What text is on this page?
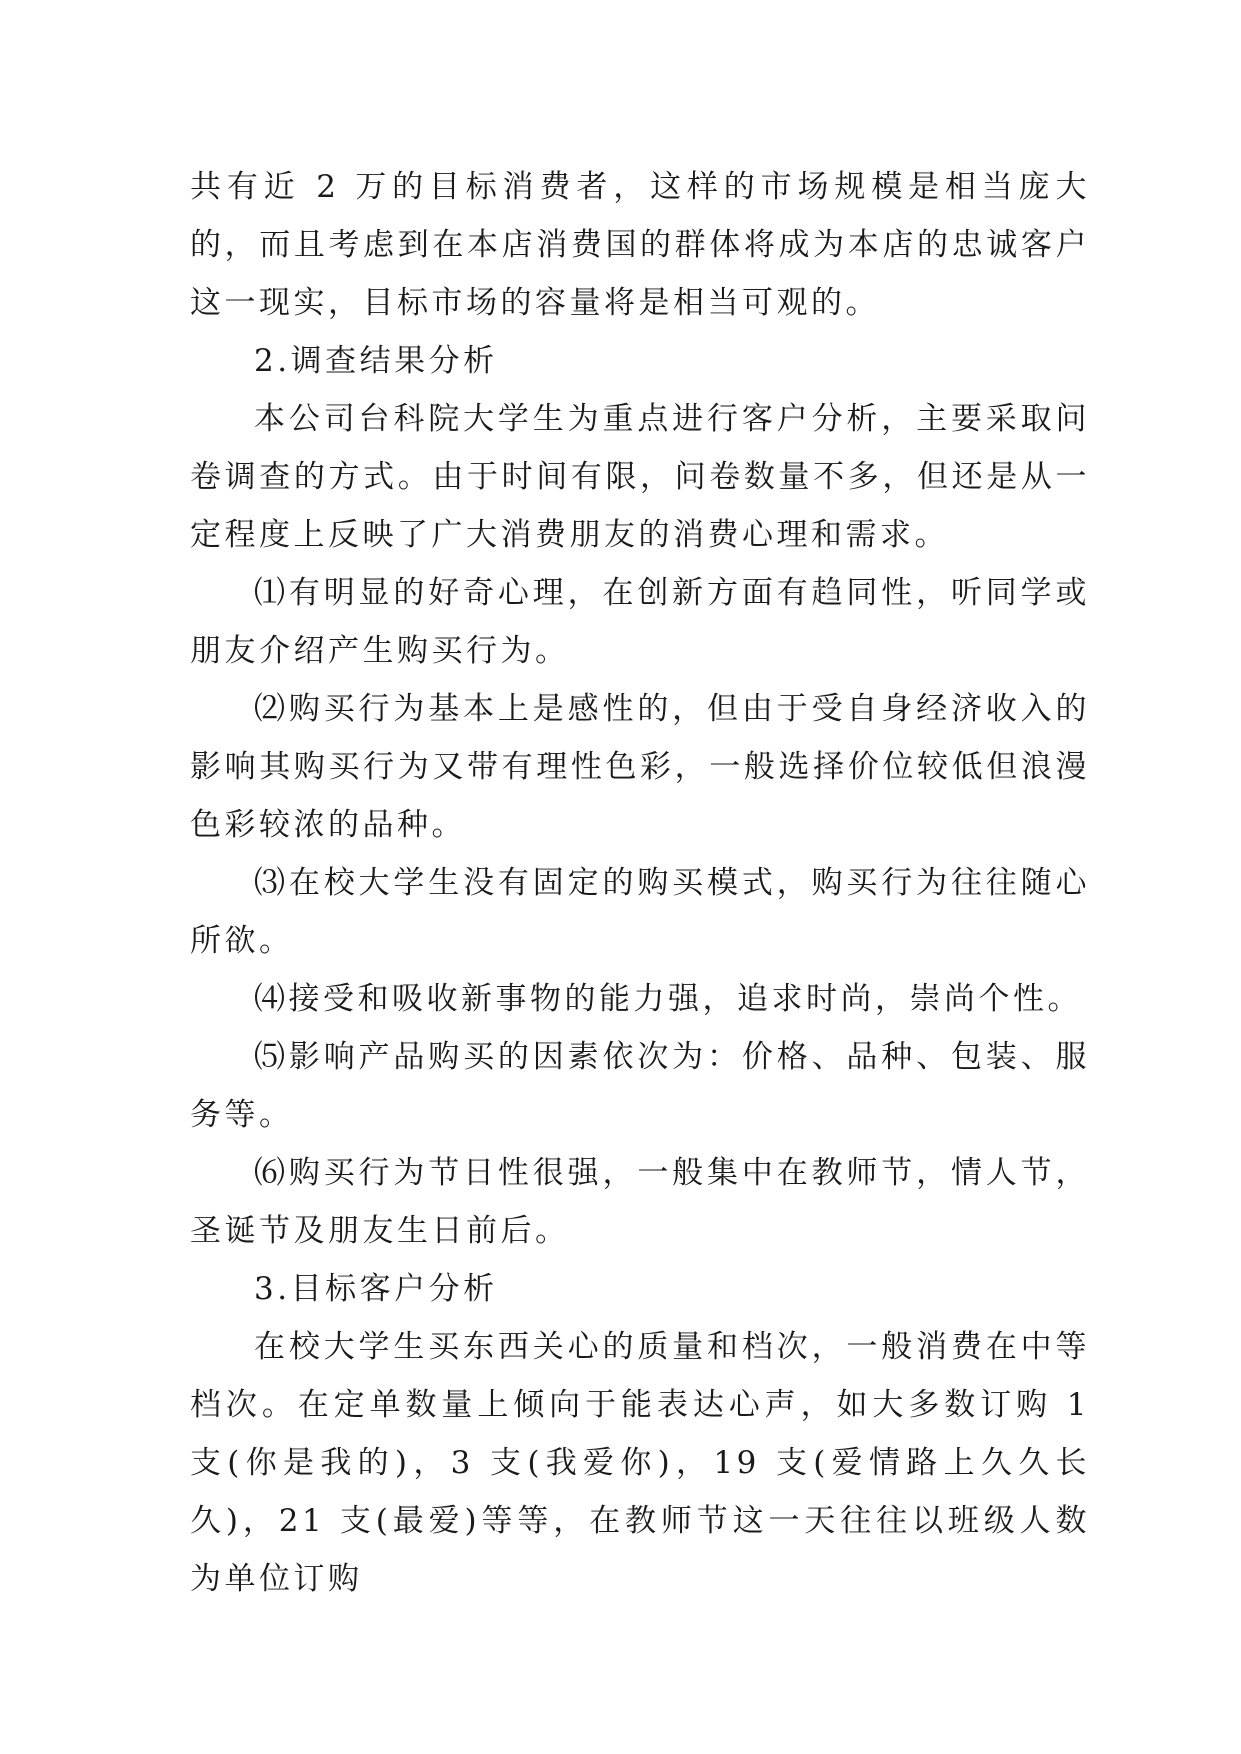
共有近 2 万的目标消费者，这样的市场规模是相当庞大的，而且考虑到在本店消费国的群体将成为本店的忠诚客户这一现实，目标市场的容量将是相当可观的。

2.调查结果分析

本公司台科院大学生为重点进行客户分析，主要采取问卷调查的方式。由于时间有限，问卷数量不多，但还是从一定程度上反映了广大消费朋友的消费心理和需求。

⑴有明显的好奇心理，在创新方面有趋同性，听同学或朋友介绍产生购买行为。

⑵购买行为基本上是感性的，但由于受自身经济收入的影响其购买行为又带有理性色彩，一般选择价位较低但浪漫色彩较浓的品种。

⑶在校大学生没有固定的购买模式，购买行为往往随心所欲。

⑷接受和吸收新事物的能力强，追求时尚，崇尚个性。

⑸影响产品购买的因素依次为：价格、品种、包装、服务等。

⑹购买行为节日性很强，一般集中在教师节，情人节，圣诞节及朋友生日前后。

3.目标客户分析

在校大学生买东西关心的质量和档次，一般消费在中等档次。在定单数量上倾向于能表达心声，如大多数订购 1 支(你是我的)，3 支(我爱你)，19 支(爱情路上久久长久)，21 支(最爱)等等，在教师节这一天往往以班级人数为单位订购
